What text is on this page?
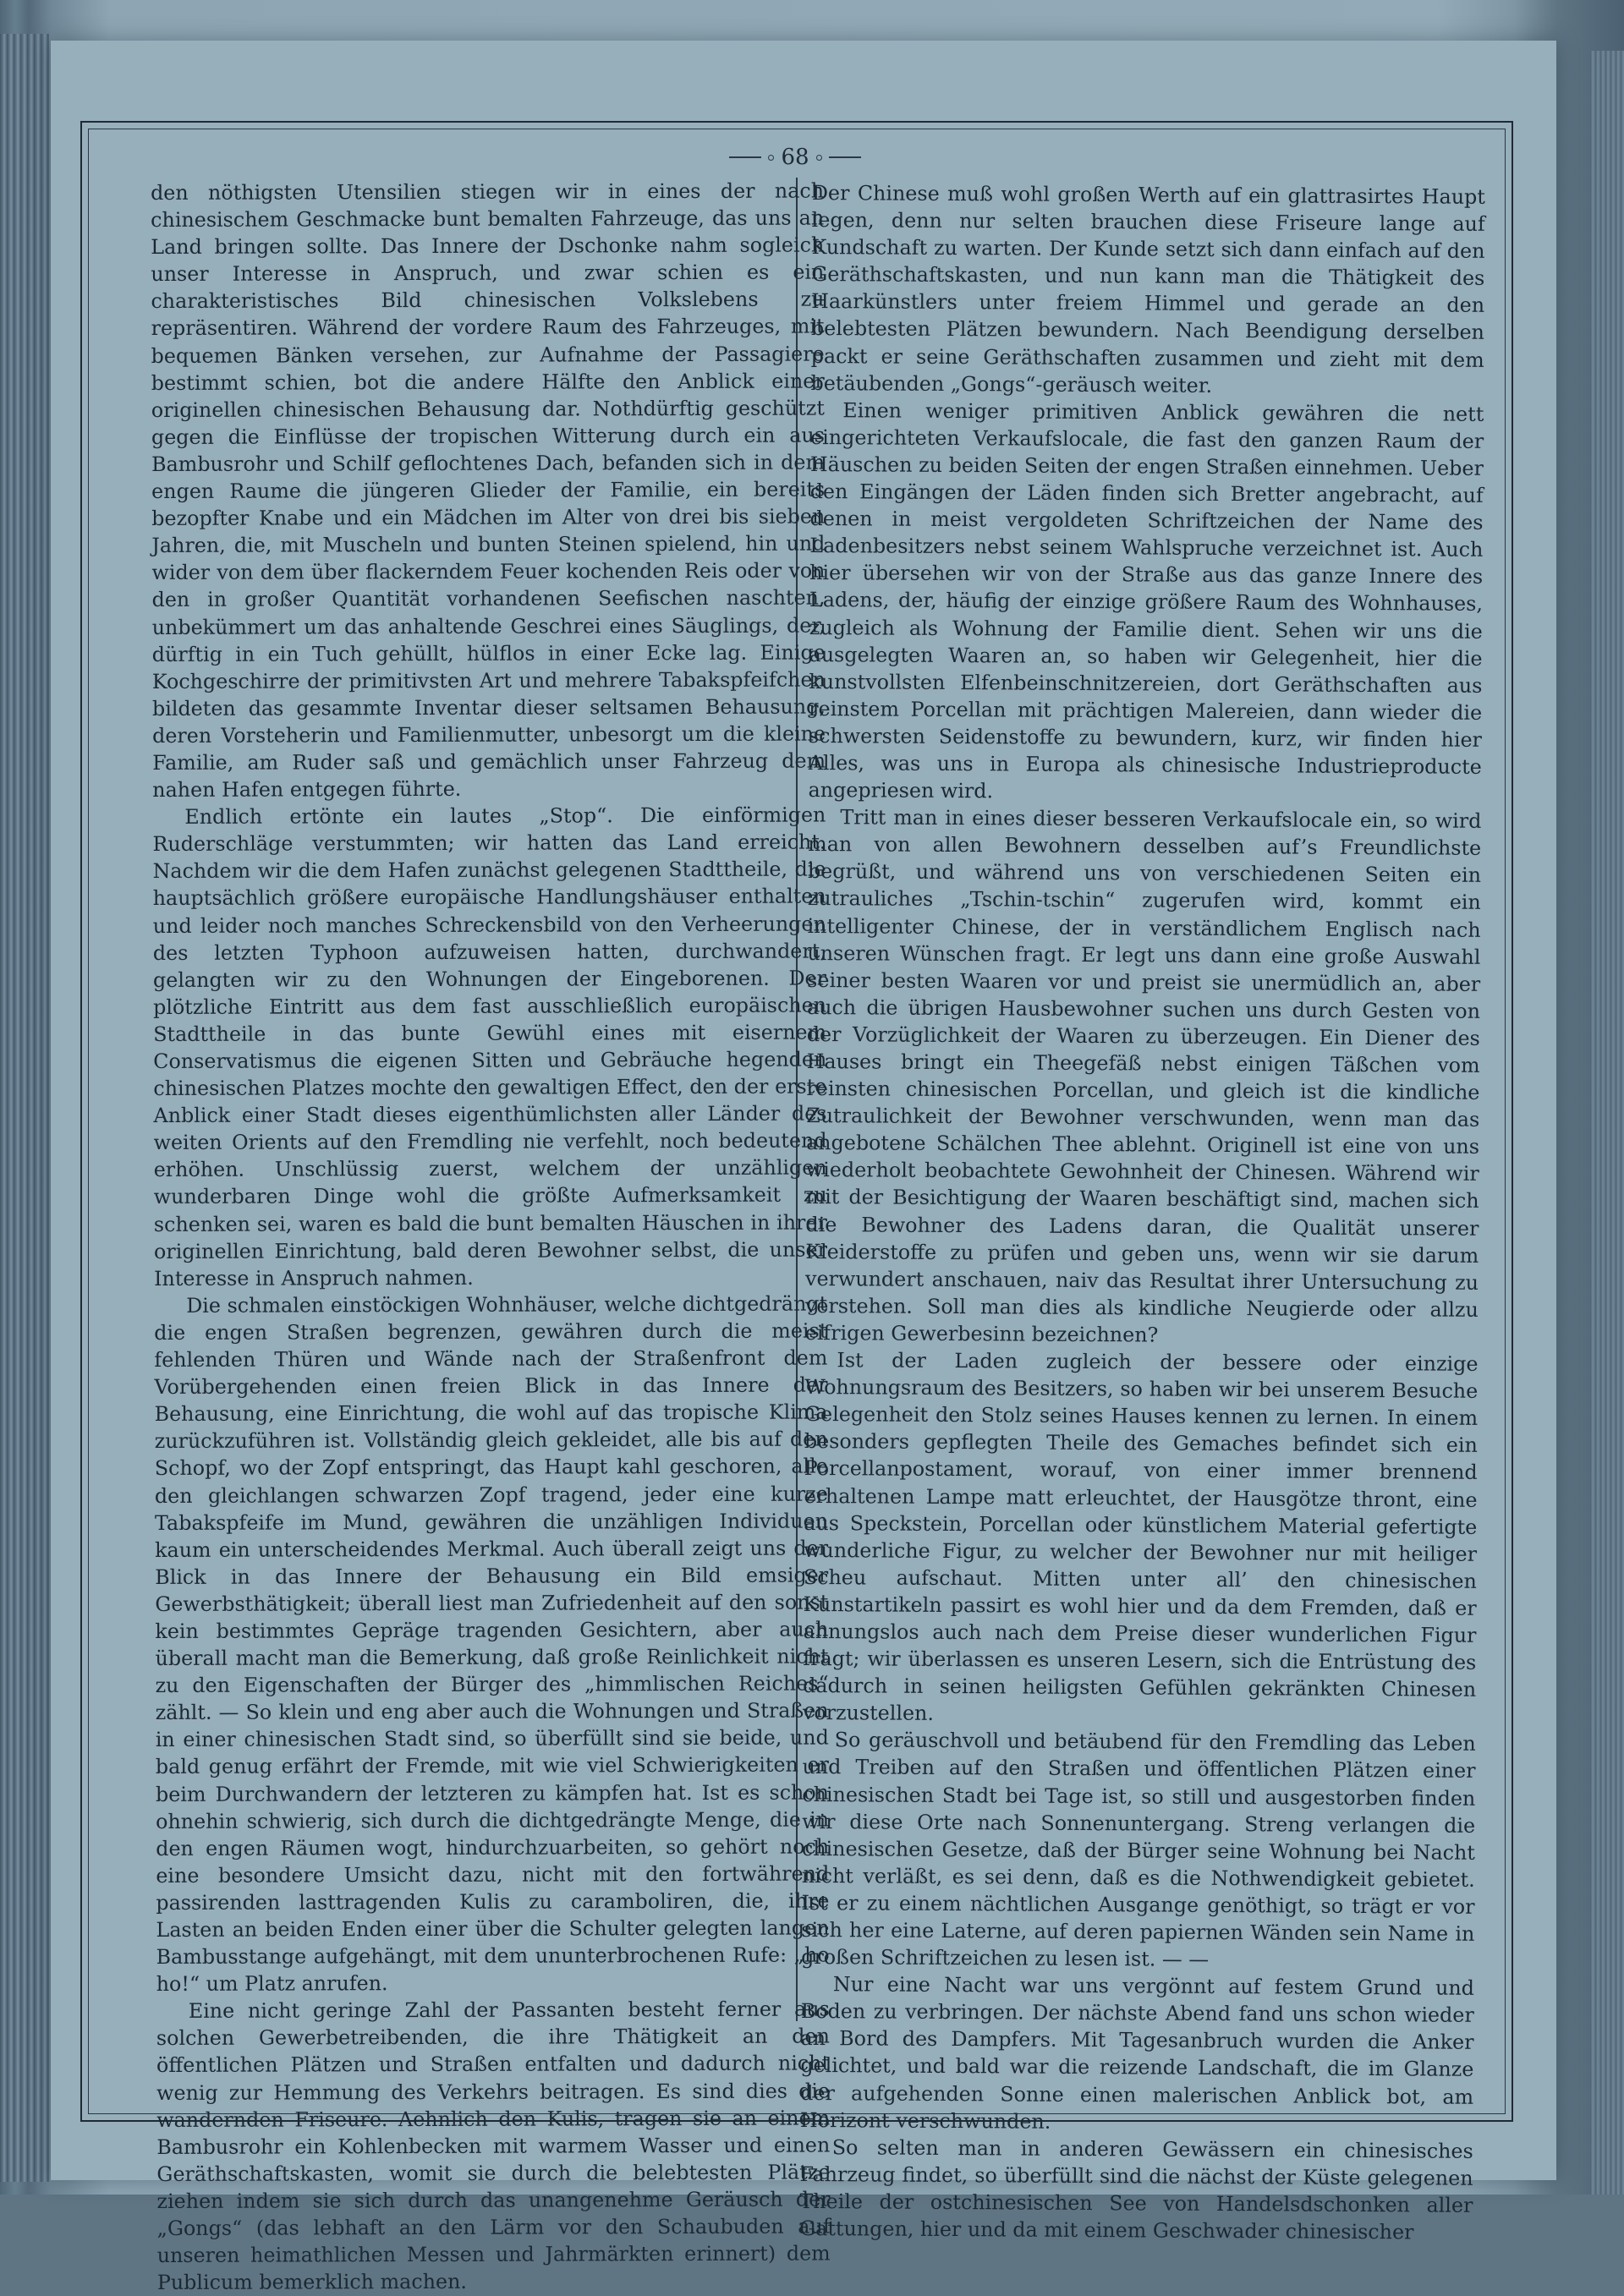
68

den nöthigsten Utensilien stiegen wir in eines der nach chinesischem Geschmacke bunt bemalten Fahrzeuge, das uns an Land bringen sollte. Das Innere der Dschonke nahm sogleich unser Interesse in Anspruch, und zwar schien es ein charakteristisches Bild chinesischen Volkslebens zu repräsentiren. Während der vordere Raum des Fahrzeuges, mit bequemen Bänken versehen, zur Aufnahme der Passagiere bestimmt schien, bot die andere Hälfte den Anblick einer originellen chinesischen Behausung dar. Nothdürftig geschützt gegen die Einflüsse der tropischen Witterung durch ein aus Bambusrohr und Schilf geflochtenes Dach, befanden sich in dem engen Raume die jüngeren Glieder der Familie, ein bereits bezopfter Knabe und ein Mädchen im Alter von drei bis sieben Jahren, die, mit Muscheln und bunten Steinen spielend, hin und wider von dem über flackerndem Feuer kochenden Reis oder von den in großer Quantität vorhandenen Seefischen naschten, unbekümmert um das anhaltende Geschrei eines Säuglings, der, dürftig in ein Tuch gehüllt, hülflos in einer Ecke lag. Einige Kochgeschirre der primitivsten Art und mehrere Tabakspfeifchen bildeten das gesammte Inventar dieser seltsamen Behausung, deren Vorsteherin und Familienmutter, unbesorgt um die kleine Familie, am Ruder saß und gemächlich unser Fahrzeug dem nahen Hafen entgegen führte.

Endlich ertönte ein lautes „Stop“. Die einförmigen Ruderschläge verstummten; wir hatten das Land erreicht. Nachdem wir die dem Hafen zunächst gelegenen Stadttheile, die hauptsächlich größere europäische Handlungshäuser enthalten und leider noch manches Schreckensbild von den Verheerungen des letzten Typhoon aufzuweisen hatten, durchwandert, gelangten wir zu den Wohnungen der Eingeborenen. Der plötzliche Eintritt aus dem fast ausschließlich europäischen Stadttheile in das bunte Gewühl eines mit eisernem Conservatismus die eigenen Sitten und Gebräuche hegenden chinesischen Platzes mochte den gewaltigen Effect, den der erste Anblick einer Stadt dieses eigenthümlichsten aller Länder des weiten Orients auf den Fremdling nie verfehlt, noch bedeutend erhöhen. Unschlüssig zuerst, welchem der unzähligen wunderbaren Dinge wohl die größte Aufmerksamkeit zu schenken sei, waren es bald die bunt bemalten Häuschen in ihrer originellen Einrichtung, bald deren Bewohner selbst, die unser Interesse in Anspruch nahmen.

Die schmalen einstöckigen Wohnhäuser, welche dichtgedrängt die engen Straßen begrenzen, gewähren durch die meist fehlenden Thüren und Wände nach der Straßenfront dem Vorübergehenden einen freien Blick in das Innere der Behausung, eine Einrichtung, die wohl auf das tropische Klima zurückzuführen ist. Vollständig gleich gekleidet, alle bis auf den Schopf, wo der Zopf entspringt, das Haupt kahl geschoren, alle den gleichlangen schwarzen Zopf tragend, jeder eine kurze Tabakspfeife im Mund, gewähren die unzähligen Individuen kaum ein unterscheidendes Merkmal. Auch überall zeigt uns der Blick in das Innere der Behausung ein Bild emsiger Gewerbsthätigkeit; überall liest man Zufriedenheit auf den sonst kein bestimmtes Gepräge tragenden Gesichtern, aber auch überall macht man die Bemerkung, daß große Reinlichkeit nicht zu den Eigenschaften der Bürger des „himmlischen Reiches“ zählt. — So klein und eng aber auch die Wohnungen und Straßen in einer chinesischen Stadt sind, so überfüllt sind sie beide, und bald genug erfährt der Fremde, mit wie viel Schwierigkeiten er beim Durchwandern der letzteren zu kämpfen hat. Ist es schon ohnehin schwierig, sich durch die dichtgedrängte Menge, die in den engen Räumen wogt, hindurchzuarbeiten, so gehört noch eine besondere Umsicht dazu, nicht mit den fortwährend passirenden lasttragenden Kulis zu caramboliren, die, ihre Lasten an beiden Enden einer über die Schulter gelegten langen Bambusstange aufgehängt, mit dem ununterbrochenen Rufe: „ho ho!“ um Platz anrufen.

Eine nicht geringe Zahl der Passanten besteht ferner aus solchen Gewerbetreibenden, die ihre Thätigkeit an den öffentlichen Plätzen und Straßen entfalten und dadurch nicht wenig zur Hemmung des Verkehrs beitragen. Es sind dies die wandernden Friseure. Aehnlich den Kulis, tragen sie an einem Bambusrohr ein Kohlenbecken mit warmem Wasser und einen Geräthschaftskasten, womit sie durch die belebtesten Plätze ziehen indem sie sich durch das unangenehme Geräusch der „Gongs“ (das lebhaft an den Lärm vor den Schaubuden auf unseren heimathlichen Messen und Jahrmärkten erinnert) dem Publicum bemerklich machen.

Der Chinese muß wohl großen Werth auf ein glattrasirtes Haupt legen, denn nur selten brauchen diese Friseure lange auf Kundschaft zu warten. Der Kunde setzt sich dann einfach auf den Geräthschaftskasten, und nun kann man die Thätigkeit des Haarkünstlers unter freiem Himmel und gerade an den belebtesten Plätzen bewundern. Nach Beendigung derselben packt er seine Geräthschaften zusammen und zieht mit dem betäubenden „Gongs“-geräusch weiter.

Einen weniger primitiven Anblick gewähren die nett eingerichteten Verkaufslocale, die fast den ganzen Raum der Häuschen zu beiden Seiten der engen Straßen einnehmen. Ueber den Eingängen der Läden finden sich Bretter angebracht, auf denen in meist vergoldeten Schriftzeichen der Name des Ladenbesitzers nebst seinem Wahlspruche verzeichnet ist. Auch hier übersehen wir von der Straße aus das ganze Innere des Ladens, der, häufig der einzige größere Raum des Wohnhauses, zugleich als Wohnung der Familie dient. Sehen wir uns die ausgelegten Waaren an, so haben wir Gelegenheit, hier die kunstvollsten Elfenbeinschnitzereien, dort Geräthschaften aus reinstem Porcellan mit prächtigen Malereien, dann wieder die schwersten Seidenstoffe zu bewundern, kurz, wir finden hier Alles, was uns in Europa als chinesische Industrieproducte angepriesen wird.

Tritt man in eines dieser besseren Verkaufslocale ein, so wird man von allen Bewohnern desselben auf’s Freundlichste begrüßt, und während uns von verschiedenen Seiten ein zutrauliches „Tschin-tschin“ zugerufen wird, kommt ein intelligenter Chinese, der in verständlichem Englisch nach unseren Wünschen fragt. Er legt uns dann eine große Auswahl seiner besten Waaren vor und preist sie unermüdlich an, aber auch die übrigen Hausbewohner suchen uns durch Gesten von der Vorzüglichkeit der Waaren zu überzeugen. Ein Diener des Hauses bringt ein Theegefäß nebst einigen Täßchen vom reinsten chinesischen Porcellan, und gleich ist die kindliche Zutraulichkeit der Bewohner verschwunden, wenn man das angebotene Schälchen Thee ablehnt. Originell ist eine von uns wiederholt beobachtete Gewohnheit der Chinesen. Während wir mit der Besichtigung der Waaren beschäftigt sind, machen sich die Bewohner des Ladens daran, die Qualität unserer Kleiderstoffe zu prüfen und geben uns, wenn wir sie darum verwundert anschauen, naiv das Resultat ihrer Untersuchung zu verstehen. Soll man dies als kindliche Neugierde oder allzu eifrigen Gewerbesinn bezeichnen?

Ist der Laden zugleich der bessere oder einzige Wohnungsraum des Besitzers, so haben wir bei unserem Besuche Gelegenheit den Stolz seines Hauses kennen zu lernen. In einem besonders gepflegten Theile des Gemaches befindet sich ein Porcellanpostament, worauf, von einer immer brennend erhaltenen Lampe matt erleuchtet, der Hausgötze thront, eine aus Speckstein, Porcellan oder künstlichem Material gefertigte wunderliche Figur, zu welcher der Bewohner nur mit heiliger Scheu aufschaut. Mitten unter all’ den chinesischen Kunstartikeln passirt es wohl hier und da dem Fremden, daß er ahnungslos auch nach dem Preise dieser wunderlichen Figur fragt; wir überlassen es unseren Lesern, sich die Entrüstung des dadurch in seinen heiligsten Gefühlen gekränkten Chinesen vorzustellen.

So geräuschvoll und betäubend für den Fremdling das Leben und Treiben auf den Straßen und öffentlichen Plätzen einer chinesischen Stadt bei Tage ist, so still und ausgestorben finden wir diese Orte nach Sonnenuntergang. Streng verlangen die chinesischen Gesetze, daß der Bürger seine Wohnung bei Nacht nicht verläßt, es sei denn, daß es die Nothwendigkeit gebietet. Ist er zu einem nächtlichen Ausgange genöthigt, so trägt er vor sich her eine Laterne, auf deren papiernen Wänden sein Name in großen Schriftzeichen zu lesen ist. — —

Nur eine Nacht war uns vergönnt auf festem Grund und Boden zu verbringen. Der nächste Abend fand uns schon wieder an Bord des Dampfers. Mit Tagesanbruch wurden die Anker gelichtet, und bald war die reizende Landschaft, die im Glanze der aufgehenden Sonne einen malerischen Anblick bot, am Horizont verschwunden.

So selten man in anderen Gewässern ein chinesisches Fahrzeug findet, so überfüllt sind die nächst der Küste gelegenen Theile der ostchinesischen See von Handelsdschonken aller Gattungen, hier und da mit einem Geschwader chinesischer
